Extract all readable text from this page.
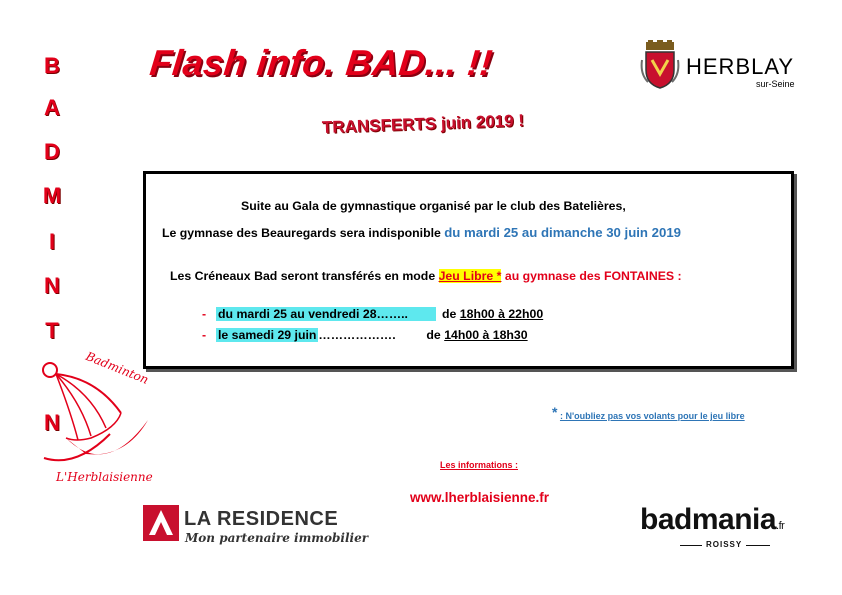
B
A
D
M
I
N
T
N
Badminton
L'Herblaisienne
Flash info. BAD... !!
TRANSFERTS juin 2019 !
HERBLAY
sur-Seine
Suite au Gala de gymnastique organisé par le club des Batelières,
Le gymnase des Beauregards sera indisponible du mardi 25 au dimanche 30 juin 2019
Les Créneaux Bad seront transférés en mode Jeu Libre * au gymnase des FONTAINES :
- du mardi 25 au vendredi 28……..	de 18h00 à 22h00
- le samedi 29 juin……………….	de 14h00 à 18h30
* : N'oubliez pas vos volants pour le jeu libre
Les informations :
www.lherblaisienne.fr
LA RESIDENCE
Mon partenaire immobilier
badmania.fr
ROISSY
